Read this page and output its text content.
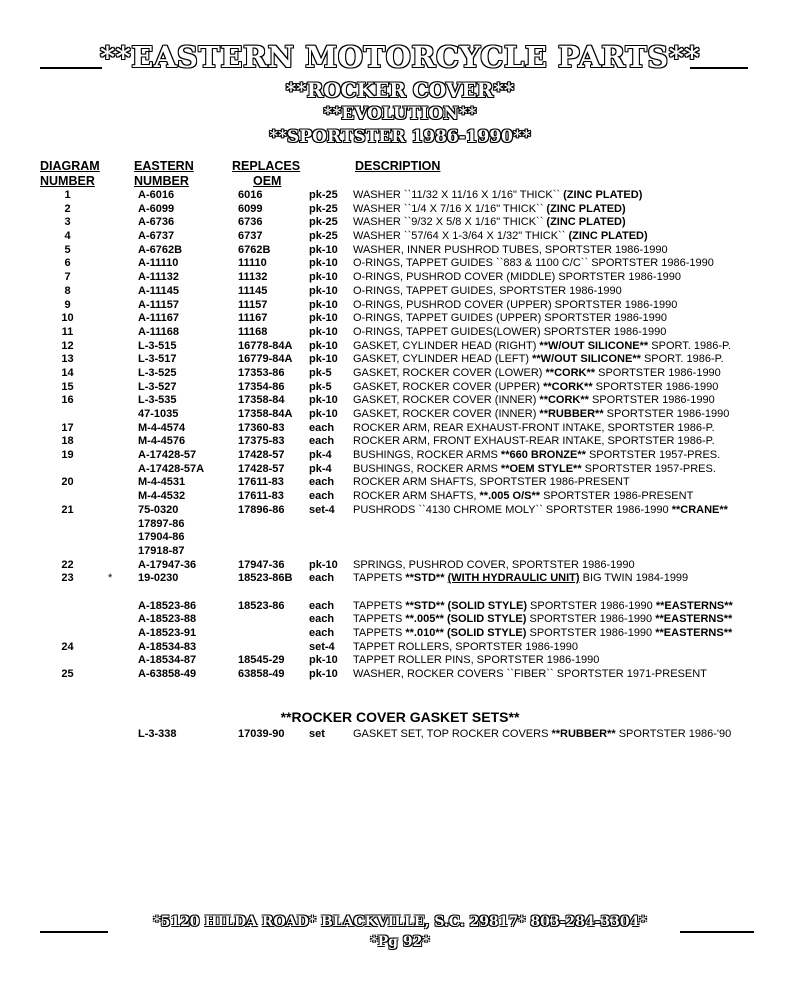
**EASTERN MOTORCYCLE PARTS**
**ROCKER COVER**
**EVOLUTION**
**SPORTSTER 1986-1990**
DIAGRAM
NUMBER
EASTERN
NUMBER
REPLACES
OEM
DESCRIPTION
1	A-6016	6016	pk-25 WASHER ``11/32 X 11/16 X 1/16" THICK`` (ZINC PLATED)
2	A-6099	6099	pk-25 WASHER ``1/4 X 7/16 X 1/16" THICK`` (ZINC PLATED)
3	A-6736	6736	pk-25 WASHER ``9/32 X 5/8 X 1/16" THICK`` (ZINC PLATED)
4	A-6737	6737	pk-25 WASHER ``57/64 X 1-3/64 X 1/32" THICK`` (ZINC PLATED)
5	A-6762B	6762B	pk-10 WASHER, INNER PUSHROD TUBES, SPORTSTER 1986-1990
6	A-11110	11110	pk-10 O-RINGS, TAPPET GUIDES ``883 & 1100 C/C`` SPORTSTER 1986-1990
7	A-11132	11132	pk-10 O-RINGS, PUSHROD COVER (MIDDLE) SPORTSTER 1986-1990
8	A-11145	11145	pk-10 O-RINGS, TAPPET GUIDES, SPORTSTER 1986-1990
9	A-11157	11157	pk-10 O-RINGS, PUSHROD COVER (UPPER) SPORTSTER 1986-1990
10	A-11167	11167	pk-10 O-RINGS, TAPPET GUIDES (UPPER) SPORTSTER 1986-1990
11	A-11168	11168	pk-10 O-RINGS, TAPPET GUIDES(LOWER) SPORTSTER 1986-1990
12	L-3-515	16778-84A pk-10 GASKET, CYLINDER HEAD (RIGHT) **W/OUT SILICONE** SPORT. 1986-P.
13	L-3-517	16779-84A pk-10 GASKET, CYLINDER HEAD (LEFT) **W/OUT SILICONE** SPORT. 1986-P.
14	L-3-525	17353-86 pk-5 GASKET, ROCKER COVER (LOWER) **CORK** SPORTSTER 1986-1990
15	L-3-527	17354-86 pk-5 GASKET, ROCKER COVER (UPPER) **CORK** SPORTSTER 1986-1990
16	L-3-535	17358-84 pk-10 GASKET, ROCKER COVER (INNER) **CORK** SPORTSTER 1986-1990
47-1035	17358-84A pk-10 GASKET, ROCKER COVER (INNER) **RUBBER** SPORTSTER 1986-1990
17	M-4-4574	17360-83 each ROCKER ARM, REAR EXHAUST-FRONT INTAKE, SPORTSTER 1986-P.
18	M-4-4576	17375-83 each ROCKER ARM, FRONT EXHAUST-REAR INTAKE, SPORTSTER 1986-P.
19	A-17428-57	17428-57 pk-4 BUSHINGS, ROCKER ARMS **660 BRONZE** SPORTSTER 1957-PRES.
A-17428-57A	17428-57 pk-4 BUSHINGS, ROCKER ARMS **OEM STYLE** SPORTSTER 1957-PRES.
20	M-4-4531	17611-83 each ROCKER ARM SHAFTS, SPORTSTER 1986-PRESENT
M-4-4532	17611-83 each ROCKER ARM SHAFTS, **.005 O/S** SPORTSTER 1986-PRESENT
21	75-0320	17896-86 set-4 PUSHRODS ``4130 CHROME MOLY`` SPORTSTER 1986-1990 **CRANE**
17897-86
17904-86
17918-87
22	A-17947-36	17947-36 pk-10 SPRINGS, PUSHROD COVER, SPORTSTER 1986-1990
23	* 19-0230	18523-86B each TAPPETS **STD** (WITH HYDRAULIC UNIT) BIG TWIN 1984-1999
A-18523-86	18523-86 each TAPPETS **STD** (SOLID STYLE) SPORTSTER 1986-1990 **EASTERNS**
A-18523-88	each TAPPETS **.005** (SOLID STYLE) SPORTSTER 1986-1990 **EASTERNS**
A-18523-91	each TAPPETS **.010** (SOLID STYLE) SPORTSTER 1986-1990 **EASTERNS**
24	A-18534-83	set-4 TAPPET ROLLERS, SPORTSTER 1986-1990
A-18534-87	18545-29 pk-10 TAPPET ROLLER PINS, SPORTSTER 1986-1990
25	A-63858-49	63858-49 pk-10 WASHER, ROCKER COVERS ``FIBER`` SPORTSTER 1971-PRESENT
**ROCKER COVER GASKET SETS**
L-3-338	17039-90 set	GASKET SET, TOP ROCKER COVERS **RUBBER** SPORTSTER 1986-'90
*5120 HILDA ROAD* BLACKVILLE, S.C. 29817* 803-284-3304*
*Pg 92*
